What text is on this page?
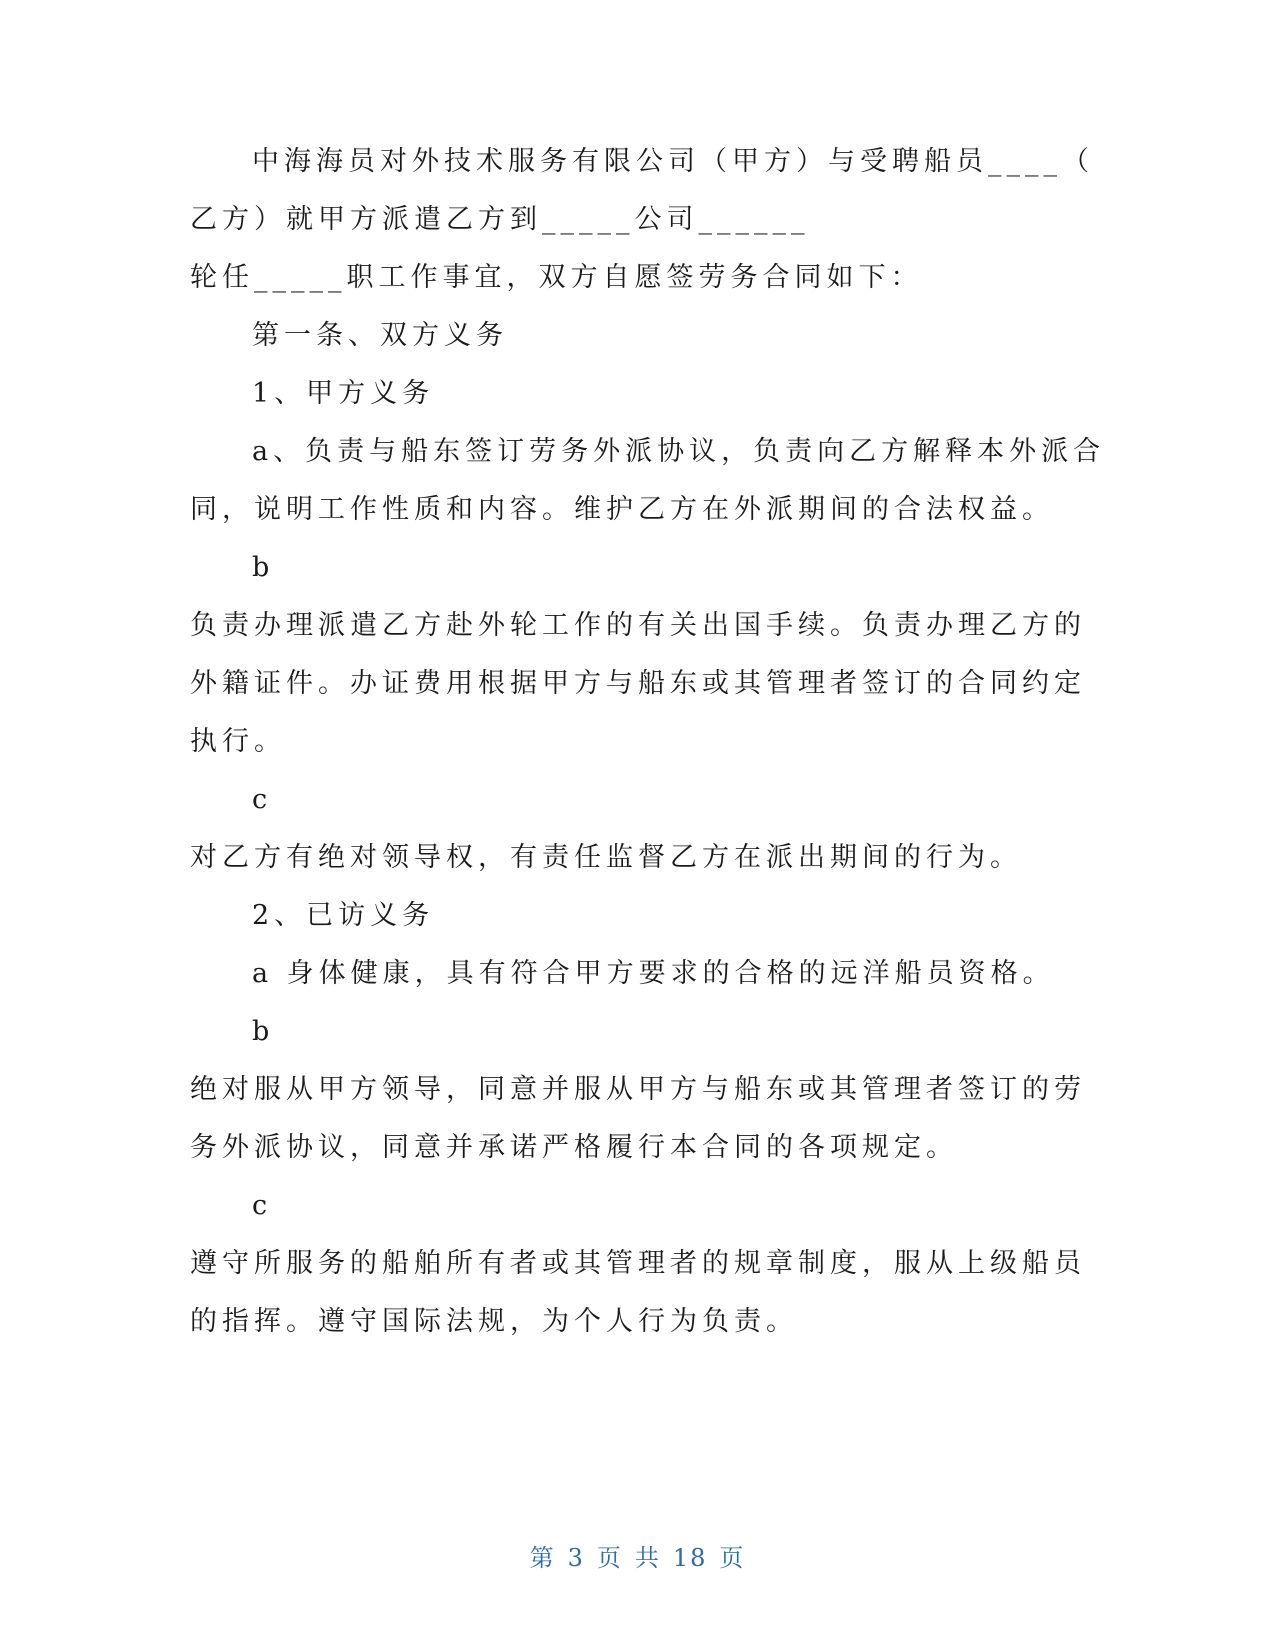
中海海员对外技术服务有限公司（甲方）与受聘船员____（
乙方）就甲方派遣乙方到_____公司______
轮任_____职工作事宜，双方自愿签劳务合同如下：
第一条、双方义务
1、甲方义务
a、负责与船东签订劳务外派协议，负责向乙方解释本外派合
同，说明工作性质和内容。维护乙方在外派期间的合法权益。
b
负责办理派遣乙方赴外轮工作的有关出国手续。负责办理乙方的
外籍证件。办证费用根据甲方与船东或其管理者签订的合同约定
执行。
c
对乙方有绝对领导权，有责任监督乙方在派出期间的行为。
2、已访义务
a 身体健康，具有符合甲方要求的合格的远洋船员资格。
b
绝对服从甲方领导，同意并服从甲方与船东或其管理者签订的劳
务外派协议，同意并承诺严格履行本合同的各项规定。
c
遵守所服务的船舶所有者或其管理者的规章制度，服从上级船员
的指挥。遵守国际法规，为个人行为负责。
第 3 页 共 18 页
